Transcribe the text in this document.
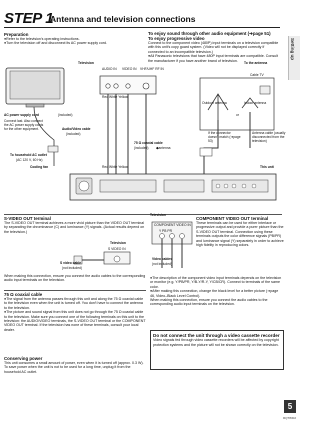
STEP 1
Antenna and television connections
Setting up
Preparation
●Refer to the television's operating instructions.
●Turn the television off and disconnect its AC power supply cord.
To enjoy sound through other audio equipment (➔page 51)
To enjoy progressive video
Connect to the component video (480P) input terminals on a television compatible with this unit's copy guard system. (Video will not be displayed correctly if connected to an incompatible television.)
●All Panasonic televisions that have 480P input terminals are compatible. Consult the manufacturer if you have another brand of television.
Television
AUDIO IN VIDEO IN VHF/UHF RF IN
Red White Yellow
AC power supply cord	(included)
Connect last. Also connect the AC power supply cords for the other equipment.
To household AC outlet
(AC 120 V, 60 Hz)
Cooling fan
Audio/Video cable
(included)
75 Ω coaxial cable
(included) ◆antenna
Red White Yellow
To the antenna
Cable TV
Outdoor antenna	Indoor antenna
or
If the connector doesn't match (➔page 53)
Antenna cable (usually disconnected from the television)
This unit
S-VIDEO OUT terminal
The S-VIDEO OUT terminal achieves a more vivid picture than the VIDEO OUT terminal by separating the chrominance (C) and luminance (Y) signals. (Actual results depend on the television.)
Television
S VIDEO IN
S video cable
(not included)
When making this connection, ensure you connect the audio cables to the corresponding audio input terminals on the television.
75 Ω coaxial cable
●The signal from the antenna passes through this unit and along the 75 Ω coaxial cable to the television even when the unit is turned off. You don't have to connect the antenna to the television.
●The picture and sound signal from this unit does not go through the 75 Ω coaxial cable to the television. Make sure you connect one of the following terminals on this unit to the television: the AUDIO/VIDEO terminals, the S-VIDEO OUT terminal or the COMPONENT VIDEO OUT terminal. If the television has none of these terminals, consult your local dealer.
Conserving power
This unit consumes a small amount of power, even when it is turned off (approx. 0.3 W). To save power when the unit is not to be used for a long time, unplug it from the household AC outlet.
Television
COMPONENT VIDEO IN
Y PB PR
Video cables
(not included)
COMPONENT VIDEO OUT terminal
These terminals can be used for either interlace or progressive output and provide a purer picture than the S-VIDEO OUT terminal. Connection using these terminals outputs the color difference signals (PB/PR) and luminance signal (Y) separately in order to achieve high fidelity in reproducing colors.
●The description of the component video input terminals depends on the television or monitor (e.g. Y/PB/PR, Y/B-Y/R-Y, Y/CB/CR). Connect to terminals of the same color.
●After making this connection, change the black level for a better picture (➔page 46, Video–Black Level Control).
When making this connection, ensure you connect the audio cables to the corresponding audio input terminals on the television.
Do not connect the unit through a video cassette recorder
Video signals fed through video cassette recorders will be affected by copyright protection systems and the picture will not be shown correctly on the television.
5
RQT8302
